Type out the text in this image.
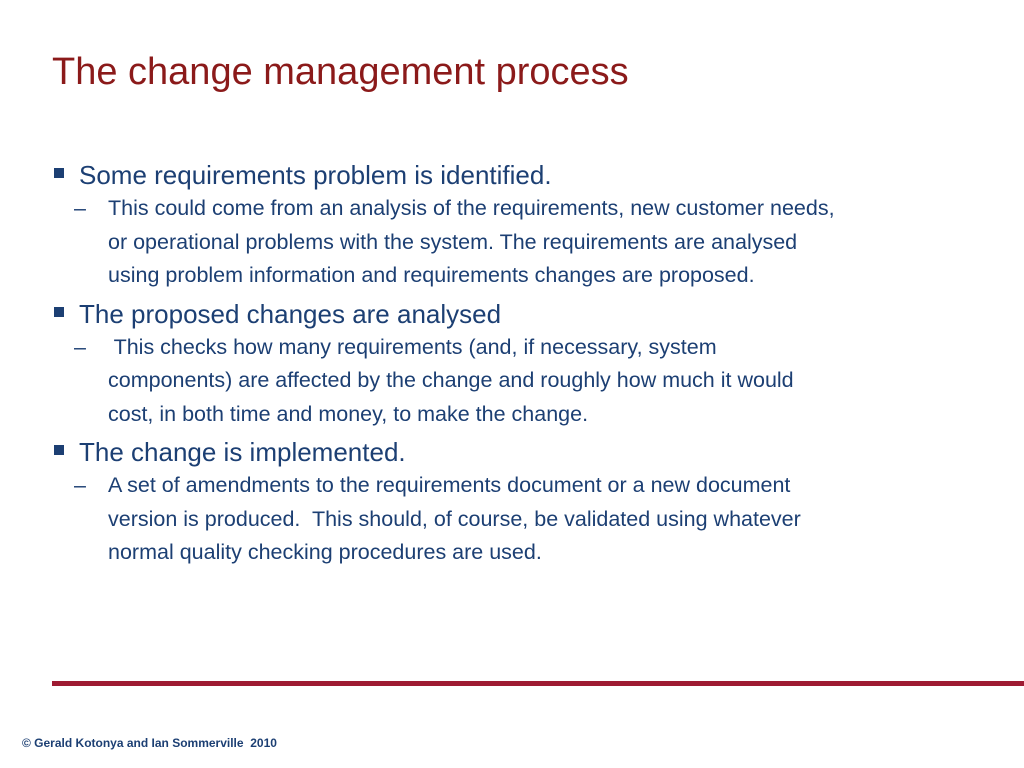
The change management process
Some requirements problem is identified.
– This could come from an analysis of the requirements, new customer needs,
or operational problems with the system. The requirements are analysed
using problem information and requirements changes are proposed.
The proposed changes are analysed
– This checks how many requirements (and, if necessary, system
components) are affected by the change and roughly how much it would
cost, in both time and money, to make the change.
The change is implemented.
– A set of amendments to the requirements document or a new document
version is produced.  This should, of course, be validated using whatever
normal quality checking procedures are used.
© Gerald Kotonya and Ian Sommerville  2010
